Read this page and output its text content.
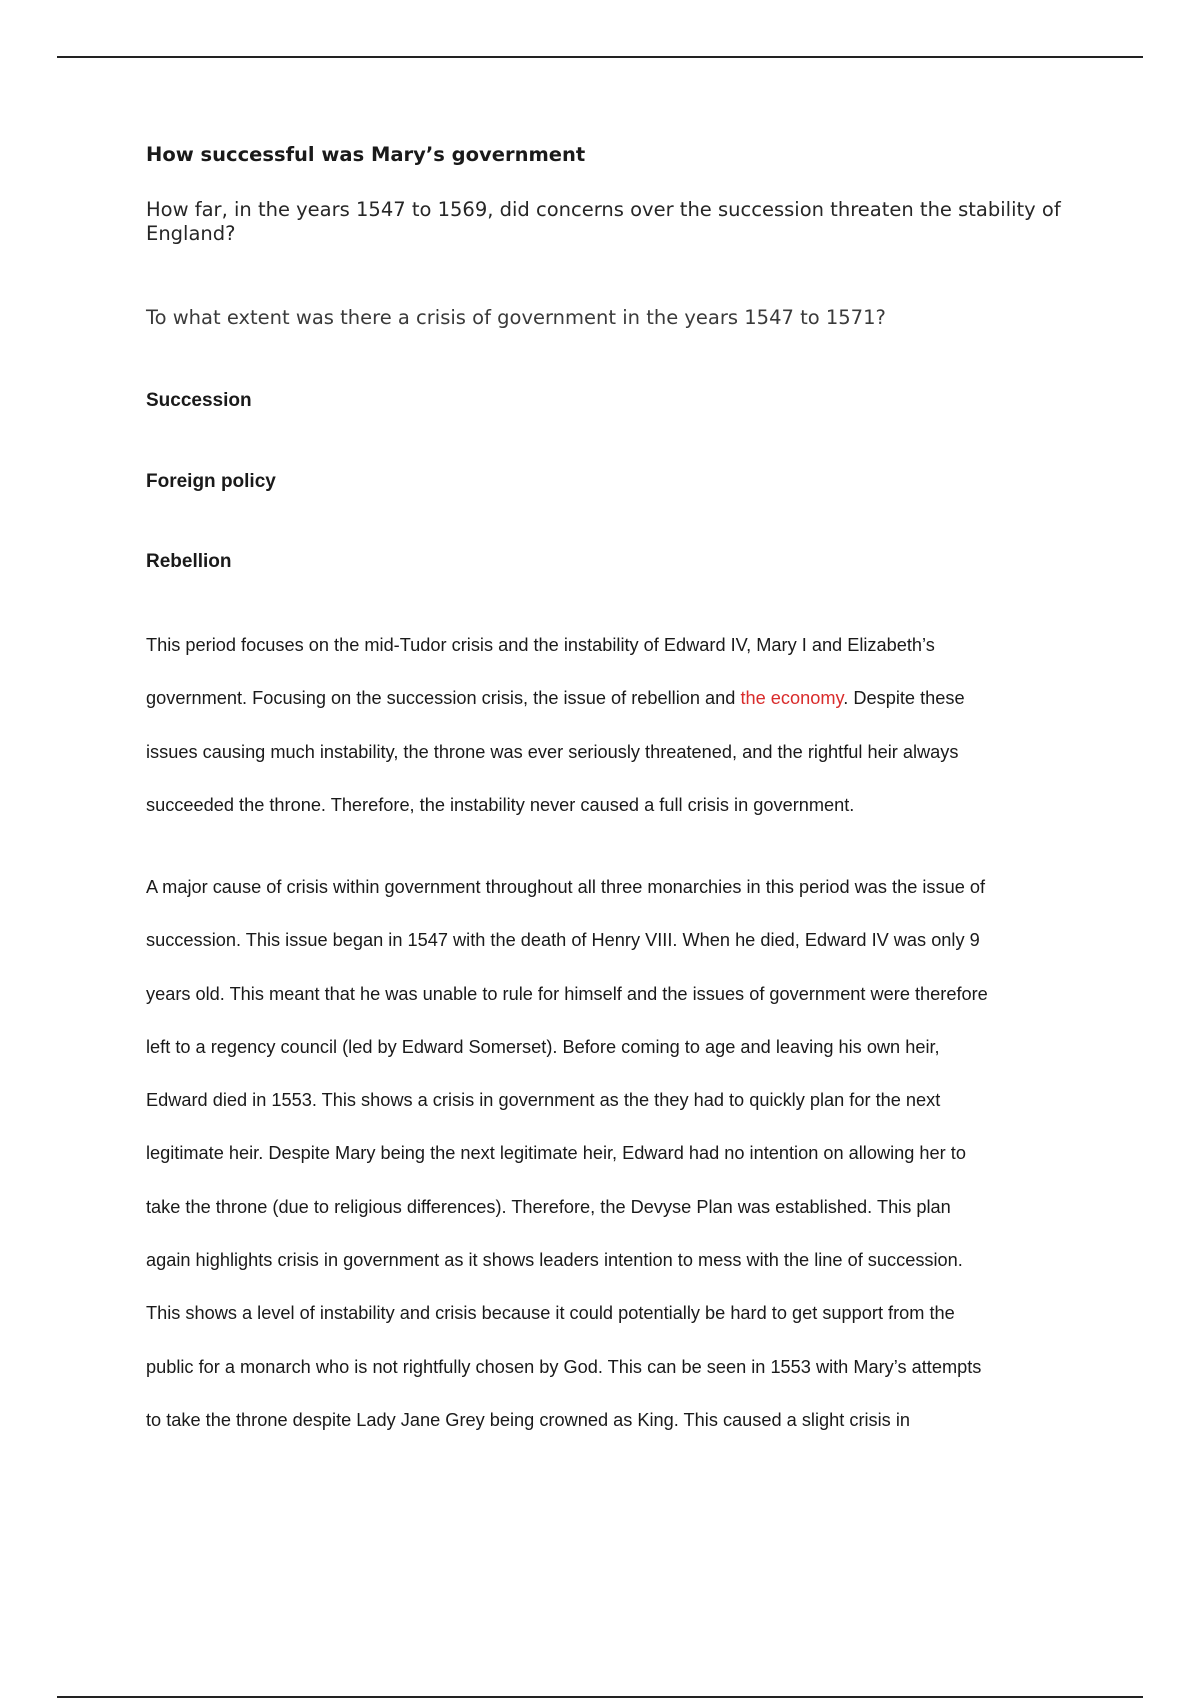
How successful was Mary’s government

How far, in the years 1547 to 1569, did concerns over the succession threaten the stability of England?

To what extent was there a crisis of government in the years 1547 to 1571?

Succession
Foreign policy
Rebellion
This period focuses on the mid-Tudor crisis and the instability of Edward IV, Mary I and Elizabeth’s
government. Focusing on the succession crisis, the issue of rebellion and the economy. Despite these
issues causing much instability, the throne was ever seriously threatened, and the rightful heir always
succeeded the throne. Therefore, the instability never caused a full crisis in government.
A major cause of crisis within government throughout all three monarchies in this period was the issue of
succession. This issue began in 1547 with the death of Henry VIII. When he died, Edward IV was only 9
years old. This meant that he was unable to rule for himself and the issues of government were therefore
left to a regency council (led by Edward Somerset). Before coming to age and leaving his own heir,
Edward died in 1553. This shows a crisis in government as the they had to quickly plan for the next
legitimate heir. Despite Mary being the next legitimate heir, Edward had no intention on allowing her to
take the throne (due to religious differences). Therefore, the Devyse Plan was established. This plan
again highlights crisis in government as it shows leaders intention to mess with the line of succession.
This shows a level of instability and crisis because it could potentially be hard to get support from the
public for a monarch who is not rightfully chosen by God. This can be seen in 1553 with Mary’s attempts
to take the throne despite Lady Jane Grey being crowned as King. This caused a slight crisis in
